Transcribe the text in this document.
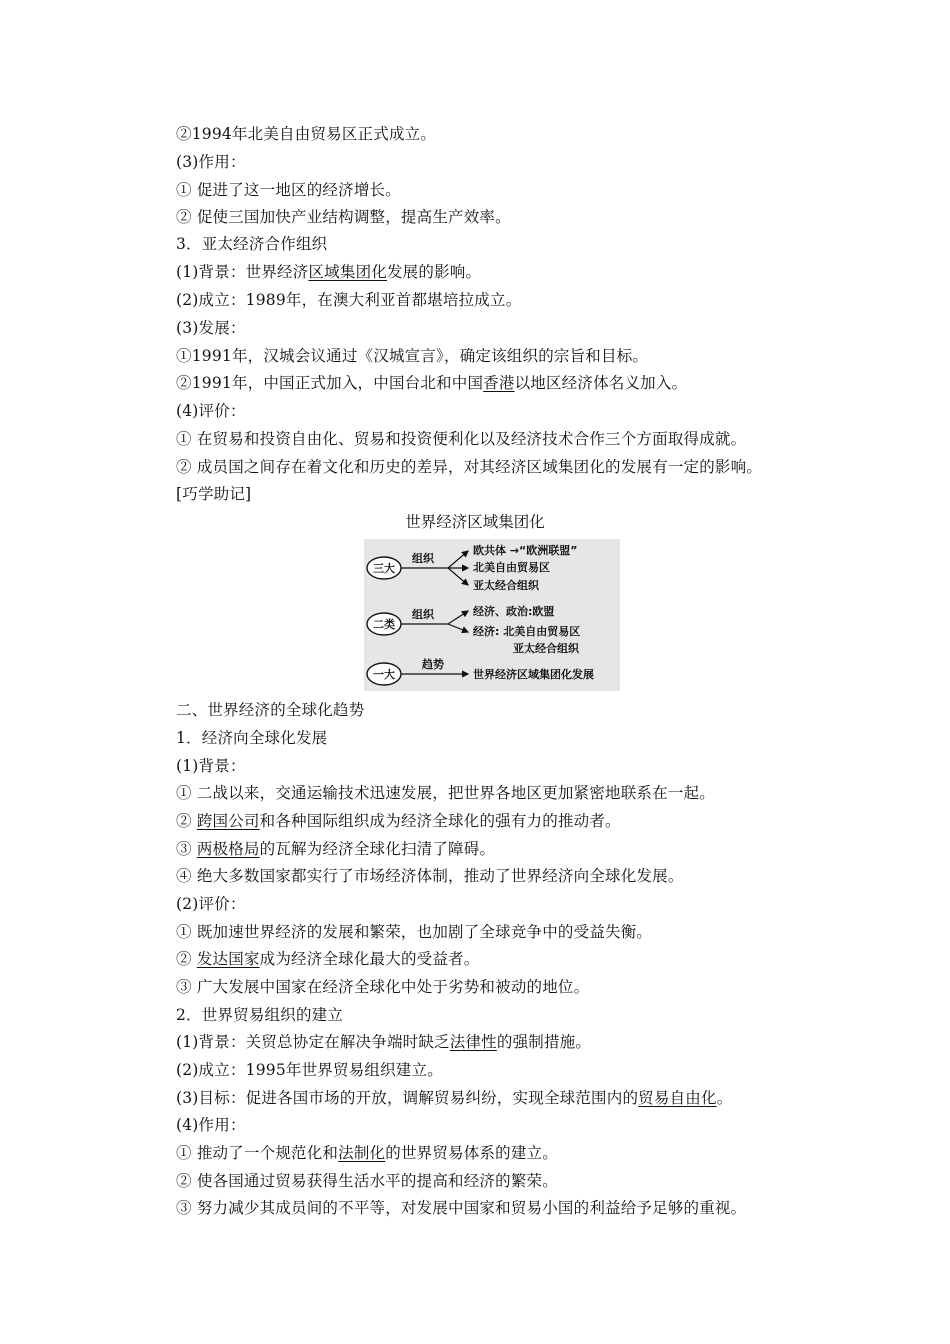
②1994年北美自由贸易区正式成立。
(3)作用：
① 促进了这一地区的经济增长。
② 促使三国加快产业结构调整，提高生产效率。
3．亚太经济合作组织
(1)背景：世界经济区域集团化发展的影响。
(2)成立：1989年，在澳大利亚首都堪培拉成立。
(3)发展：
①1991年，汉城会议通过《汉城宣言》，确定该组织的宗旨和目标。
②1991年，中国正式加入，中国台北和中国香港以地区经济体名义加入。
(4)评价：
① 在贸易和投资自由化、贸易和投资便利化以及经济技术合作三个方面取得成就。
② 成员国之间存在着文化和历史的差异，对其经济区域集团化的发展有一定的影响。
[巧学助记]
世界经济区域集团化
三大
组织
欧共体 →“欧洲联盟”
北美自由贸易区
亚太经合组织
二类
组织	经济、政治:欧盟
经济: 北美自由贸易区
亚太经合组织
一大
趋势
世界经济区域集团化发展
二、世界经济的全球化趋势
1．经济向全球化发展
(1)背景：
① 二战以来，交通运输技术迅速发展，把世界各地区更加紧密地联系在一起。
② 跨国公司和各种国际组织成为经济全球化的强有力的推动者。
③ 两极格局的瓦解为经济全球化扫清了障碍。
④ 绝大多数国家都实行了市场经济体制，推动了世界经济向全球化发展。
(2)评价：
① 既加速世界经济的发展和繁荣，也加剧了全球竞争中的受益失衡。
② 发达国家成为经济全球化最大的受益者。
③ 广大发展中国家在经济全球化中处于劣势和被动的地位。
2．世界贸易组织的建立
(1)背景：关贸总协定在解决争端时缺乏法律性的强制措施。
(2)成立：1995年世界贸易组织建立。
(3)目标：促进各国市场的开放，调解贸易纠纷，实现全球范围内的贸易自由化。
(4)作用：
① 推动了一个规范化和法制化的世界贸易体系的建立。
② 使各国通过贸易获得生活水平的提高和经济的繁荣。
③ 努力减少其成员间的不平等，对发展中国家和贸易小国的利益给予足够的重视。
